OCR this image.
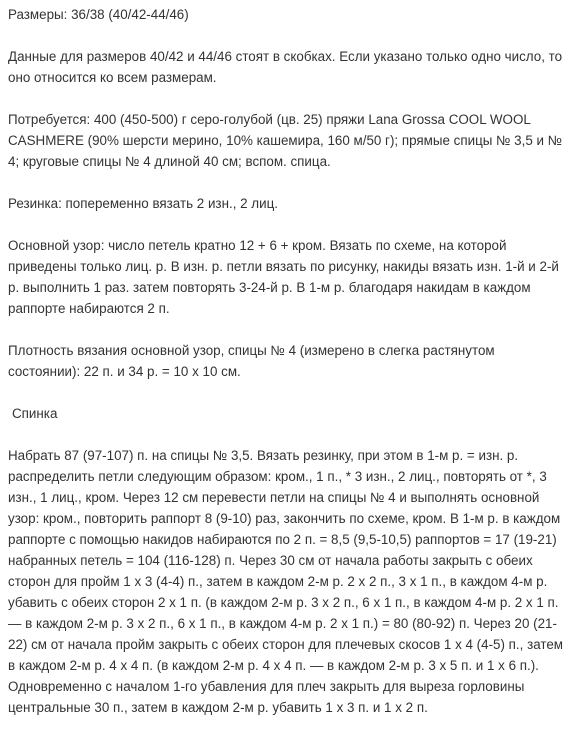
Размеры: 36/38 (40/42-44/46)

Данные для размеров 40/42 и 44/46 стоят в скобках. Если указано только одно число, то оно относится ко всем размерам.

Потребуется: 400 (450-500) г серо-голубой (цв. 25) пряжи Lana Grossa COOL WOOL CASHMERE (90% шерсти мерино, 10% кашемира, 160 м/50 г); прямые спицы № 3,5 и № 4; круговые спицы № 4 длиной 40 см; вспом. спица.

Резинка: попеременно вязать 2 изн., 2 лиц.

Основной узор: число петель кратно 12 + 6 + кром. Вязать по схеме, на которой приведены только лиц. р. В изн. р. петли вязать по рисунку, накиды вязать изн. 1-й и 2-й р. выполнить 1 раз. затем повторять 3-24-й р. В 1-м р. благодаря накидам в каждом раппорте набираются 2 п.

Плотность вязания основной узор, спицы № 4 (измерено в слегка растянутом состоянии): 22 п. и 34 р. = 10 х 10 см.

Спинка

Набрать 87 (97-107) п. на спицы № 3,5. Вязать резинку, при этом в 1-м р. = изн. р. распределить петли следующим образом: кром., 1 п., * 3 изн., 2 лиц., повторять от *, 3 изн., 1 лиц., кром. Через 12 см перевести петли на спицы № 4 и выполнять основной узор: кром., повторить раппорт 8 (9-10) раз, закончить по схеме, кром. В 1-м р. в каждом раппорте с помощью накидов набираются по 2 п. = 8,5 (9,5-10,5) раппортов = 17 (19-21) набранных петель = 104 (116-128) п. Через 30 см от начала работы закрыть с обеих сторон для пройм 1 х 3 (4-4) п., затем в каждом 2-м р. 2 х 2 п., 3 х 1 п., в каждом 4-м р. убавить с обеих сторон 2 х 1 п. (в каждом 2-м р. 3 х 2 п., 6 х 1 п., в каждом 4-м р. 2 х 1 п. — в каждом 2-м р. 3 х 2 п., 6 х 1 п., в каждом 4-м р. 2 х 1 п.) = 80 (80-92) п. Через 20 (21-22) см от начала пройм закрыть с обеих сторон для плечевых скосов 1 х 4 (4-5) п., затем в каждом 2-м р. 4 х 4 п. (в каждом 2-м р. 4 х 4 п. — в каждом 2-м р. 3 х 5 п. и 1 х 6 п.). Одновременно с началом 1-го убавления для плеч закрыть для выреза горловины центральные 30 п., затем в каждом 2-м р. убавить 1 х 3 п. и 1 х 2 п.
